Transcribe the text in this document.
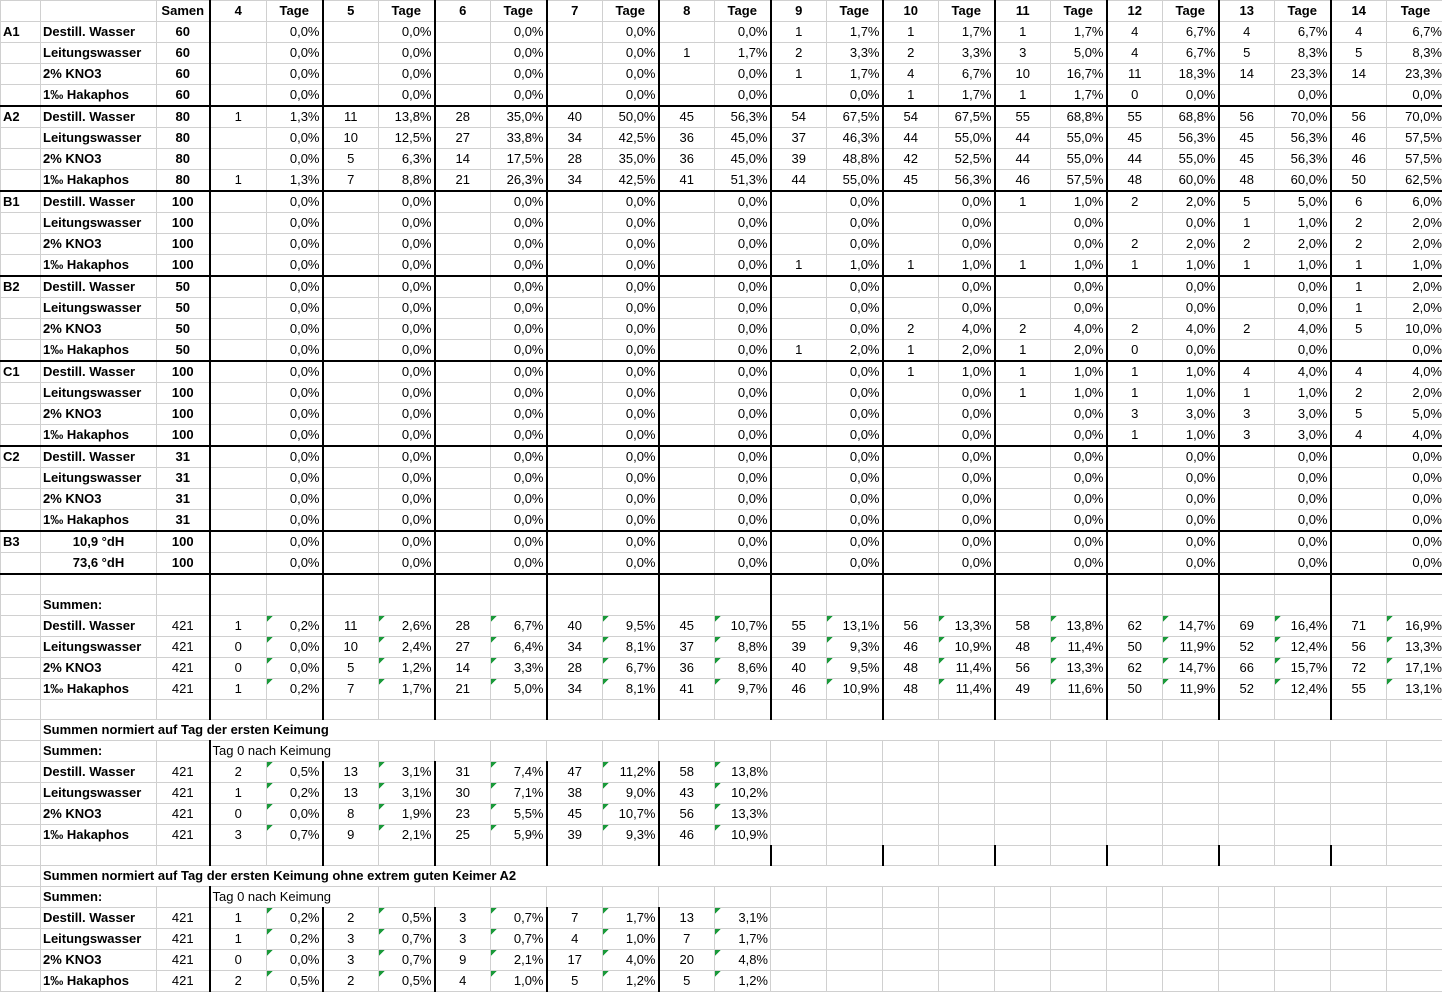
		Samen	4	Tage	5	Tage	6	Tage	7	Tage	8	Tage	9	Tage	10	Tage	11	Tage	12	Tage	13	Tage	14	Tage
A1	Destill. Wasser	60		0,0%		0,0%		0,0%		0,0%		0,0%	1	1,7%	1	1,7%	1	1,7%	4	6,7%	4	6,7%	4	6,7%
	Leitungswasser	60		0,0%		0,0%		0,0%		0,0%	1	1,7%	2	3,3%	2	3,3%	3	5,0%	4	6,7%	5	8,3%	5	8,3%
	2% KNO3	60		0,0%		0,0%		0,0%		0,0%		0,0%	1	1,7%	4	6,7%	10	16,7%	11	18,3%	14	23,3%	14	23,3%
	1‰ Hakaphos	60		0,0%		0,0%		0,0%		0,0%		0,0%		0,0%	1	1,7%	1	1,7%	0	0,0%		0,0%		0,0%
A2	Destill. Wasser	80	1	1,3%	11	13,8%	28	35,0%	40	50,0%	45	56,3%	54	67,5%	54	67,5%	55	68,8%	55	68,8%	56	70,0%	56	70,0%
	Leitungswasser	80		0,0%	10	12,5%	27	33,8%	34	42,5%	36	45,0%	37	46,3%	44	55,0%	44	55,0%	45	56,3%	45	56,3%	46	57,5%
	2% KNO3	80		0,0%	5	6,3%	14	17,5%	28	35,0%	36	45,0%	39	48,8%	42	52,5%	44	55,0%	44	55,0%	45	56,3%	46	57,5%
	1‰ Hakaphos	80	1	1,3%	7	8,8%	21	26,3%	34	42,5%	41	51,3%	44	55,0%	45	56,3%	46	57,5%	48	60,0%	48	60,0%	50	62,5%
B1	Destill. Wasser	100		0,0%		0,0%		0,0%		0,0%		0,0%		0,0%		0,0%	1	1,0%	2	2,0%	5	5,0%	6	6,0%
	Leitungswasser	100		0,0%		0,0%		0,0%		0,0%		0,0%		0,0%		0,0%		0,0%		0,0%	1	1,0%	2	2,0%
	2% KNO3	100		0,0%		0,0%		0,0%		0,0%		0,0%		0,0%		0,0%		0,0%	2	2,0%	2	2,0%	2	2,0%
	1‰ Hakaphos	100		0,0%		0,0%		0,0%		0,0%		0,0%	1	1,0%	1	1,0%	1	1,0%	1	1,0%	1	1,0%	1	1,0%
B2	Destill. Wasser	50		0,0%		0,0%		0,0%		0,0%		0,0%		0,0%		0,0%		0,0%		0,0%		0,0%	1	2,0%
	Leitungswasser	50		0,0%		0,0%		0,0%		0,0%		0,0%		0,0%		0,0%		0,0%		0,0%		0,0%	1	2,0%
	2% KNO3	50		0,0%		0,0%		0,0%		0,0%		0,0%		0,0%	2	4,0%	2	4,0%	2	4,0%	2	4,0%	5	10,0%
	1‰ Hakaphos	50		0,0%		0,0%		0,0%		0,0%		0,0%	1	2,0%	1	2,0%	1	2,0%	0	0,0%		0,0%		0,0%
C1	Destill. Wasser	100		0,0%		0,0%		0,0%		0,0%		0,0%		0,0%	1	1,0%	1	1,0%	1	1,0%	4	4,0%	4	4,0%
	Leitungswasser	100		0,0%		0,0%		0,0%		0,0%		0,0%		0,0%		0,0%	1	1,0%	1	1,0%	1	1,0%	2	2,0%
	2% KNO3	100		0,0%		0,0%		0,0%		0,0%		0,0%		0,0%		0,0%		0,0%	3	3,0%	3	3,0%	5	5,0%
	1‰ Hakaphos	100		0,0%		0,0%		0,0%		0,0%		0,0%		0,0%		0,0%		0,0%	1	1,0%	3	3,0%	4	4,0%
C2	Destill. Wasser	31		0,0%		0,0%		0,0%		0,0%		0,0%		0,0%		0,0%		0,0%		0,0%		0,0%		0,0%
	Leitungswasser	31		0,0%		0,0%		0,0%		0,0%		0,0%		0,0%		0,0%		0,0%		0,0%		0,0%		0,0%
	2% KNO3	31		0,0%		0,0%		0,0%		0,0%		0,0%		0,0%		0,0%		0,0%		0,0%		0,0%		0,0%
	1‰ Hakaphos	31		0,0%		0,0%		0,0%		0,0%		0,0%		0,0%		0,0%		0,0%		0,0%		0,0%		0,0%
B3	10,9 °dH	100		0,0%		0,0%		0,0%		0,0%		0,0%		0,0%		0,0%		0,0%		0,0%		0,0%		0,0%
	73,6 °dH	100		0,0%		0,0%		0,0%		0,0%		0,0%		0,0%		0,0%		0,0%		0,0%		0,0%		0,0%

	Summen:																							
	Destill. Wasser	421	1	0,2%	11	2,6%	28	6,7%	40	9,5%	45	10,7%	55	13,1%	56	13,3%	58	13,8%	62	14,7%	69	16,4%	71	16,9%
	Leitungswasser	421	0	0,0%	10	2,4%	27	6,4%	34	8,1%	37	8,8%	39	9,3%	46	10,9%	48	11,4%	50	11,9%	52	12,4%	56	13,3%
	2% KNO3	421	0	0,0%	5	1,2%	14	3,3%	28	6,7%	36	8,6%	40	9,5%	48	11,4%	56	13,3%	62	14,7%	66	15,7%	72	17,1%
	1‰ Hakaphos	421	1	0,2%	7	1,7%	21	5,0%	34	8,1%	41	9,7%	46	10,9%	48	11,4%	49	11,6%	50	11,9%	52	12,4%	55	13,1%

	Summen normiert auf Tag der ersten Keimung																							
	Summen:		Tag 0 nach Keimung																					
	Destill. Wasser	421	2	0,5%	13	3,1%	31	7,4%	47	11,2%	58	13,8%												
	Leitungswasser	421	1	0,2%	13	3,1%	30	7,1%	38	9,0%	43	10,2%												
	2% KNO3	421	0	0,0%	8	1,9%	23	5,5%	45	10,7%	56	13,3%												
	1‰ Hakaphos	421	3	0,7%	9	2,1%	25	5,9%	39	9,3%	46	10,9%												

	Summen normiert auf Tag der ersten Keimung ohne extrem guten Keimer A2																							
	Summen:		Tag 0 nach Keimung																					
	Destill. Wasser	421	1	0,2%	2	0,5%	3	0,7%	7	1,7%	13	3,1%												
	Leitungswasser	421	1	0,2%	3	0,7%	3	0,7%	4	1,0%	7	1,7%												
	2% KNO3	421	0	0,0%	3	0,7%	9	2,1%	17	4,0%	20	4,8%												
	1‰ Hakaphos	421	2	0,5%	2	0,5%	4	1,0%	5	1,2%	5	1,2%												
